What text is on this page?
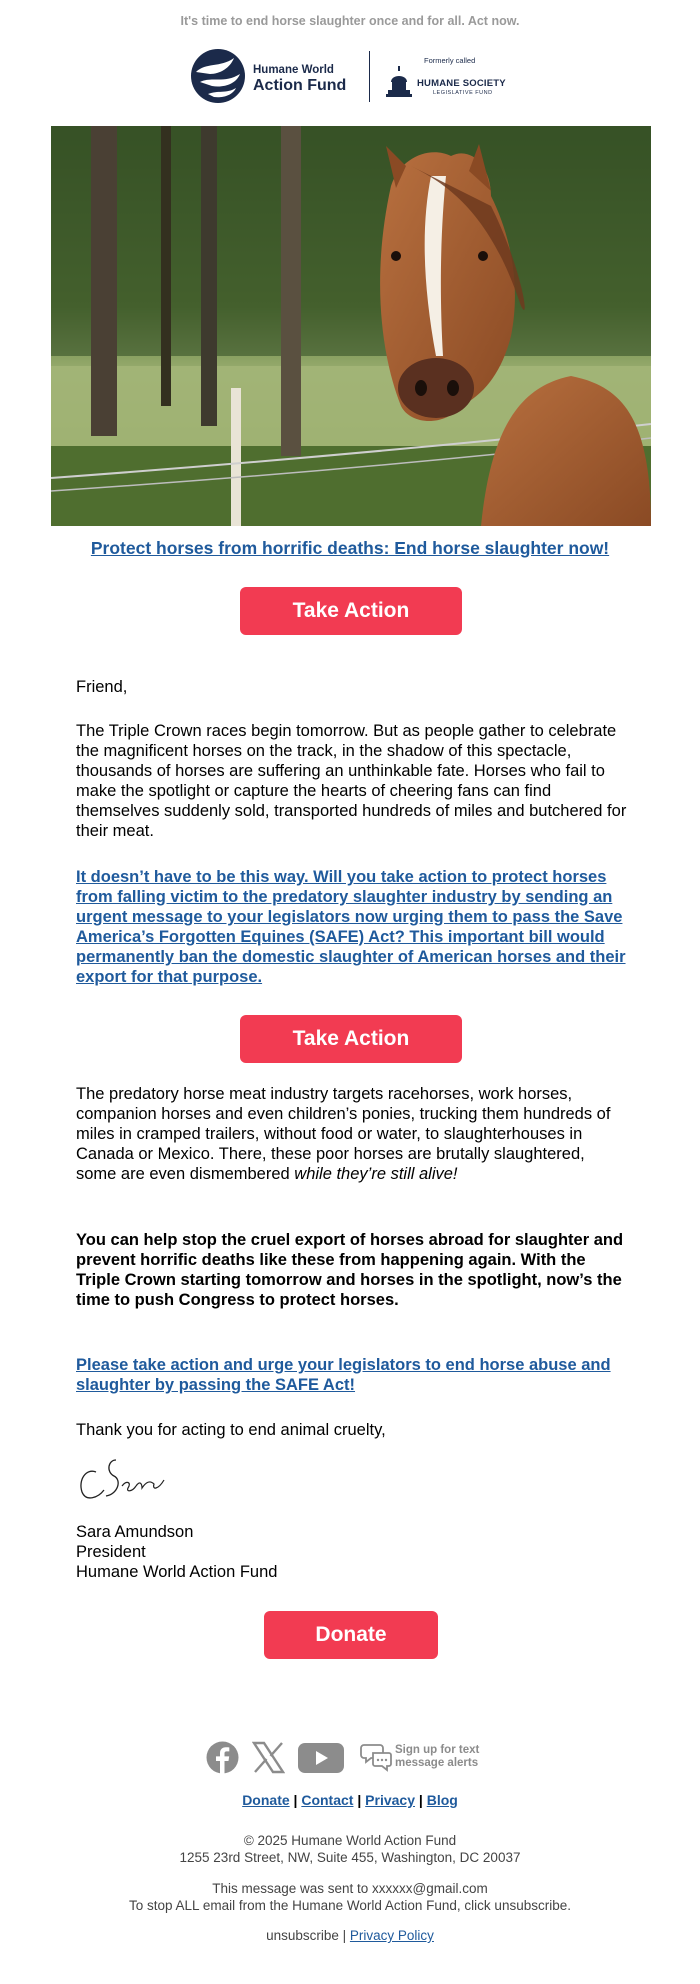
It's time to end horse slaughter once and for all. Act now.
Humane World
Action Fund
Formerly called
HUMANE SOCIETY
LEGISLATIVE FUND
Protect horses from horrific deaths: End horse slaughter now!
Take Action
Friend,
The Triple Crown races begin tomorrow. But as people gather to celebrate the magnificent horses on the track, in the shadow of this spectacle, thousands of horses are suffering an unthinkable fate. Horses who fail to make the spotlight or capture the hearts of cheering fans can find themselves suddenly sold, transported hundreds of miles and butchered for their meat.
It doesn’t have to be this way. Will you take action to protect horses from falling victim to the predatory slaughter industry by sending an urgent message to your legislators now urging them to pass the Save America’s Forgotten Equines (SAFE) Act? This important bill would permanently ban the domestic slaughter of American horses and their export for that purpose.
Take Action
The predatory horse meat industry targets racehorses, work horses, companion horses and even children’s ponies, trucking them hundreds of miles in cramped trailers, without food or water, to slaughterhouses in Canada or Mexico. There, these poor horses are brutally slaughtered, some are even dismembered while they’re still alive!
You can help stop the cruel export of horses abroad for slaughter and prevent horrific deaths like these from happening again. With the Triple Crown starting tomorrow and horses in the spotlight, now’s the time to push Congress to protect horses.
Please take action and urge your legislators to end horse abuse and slaughter by passing the SAFE Act!
Thank you for acting to end animal cruelty,
Sara Amundson
President
Humane World Action Fund
Donate
Sign up for text
message alerts
Donate | Contact | Privacy | Blog
© 2025 Humane World Action Fund
1255 23rd Street, NW, Suite 455, Washington, DC 20037
This message was sent to xxxxxx@gmail.com
To stop ALL email from the Humane World Action Fund, click unsubscribe.
unsubscribe | Privacy Policy
